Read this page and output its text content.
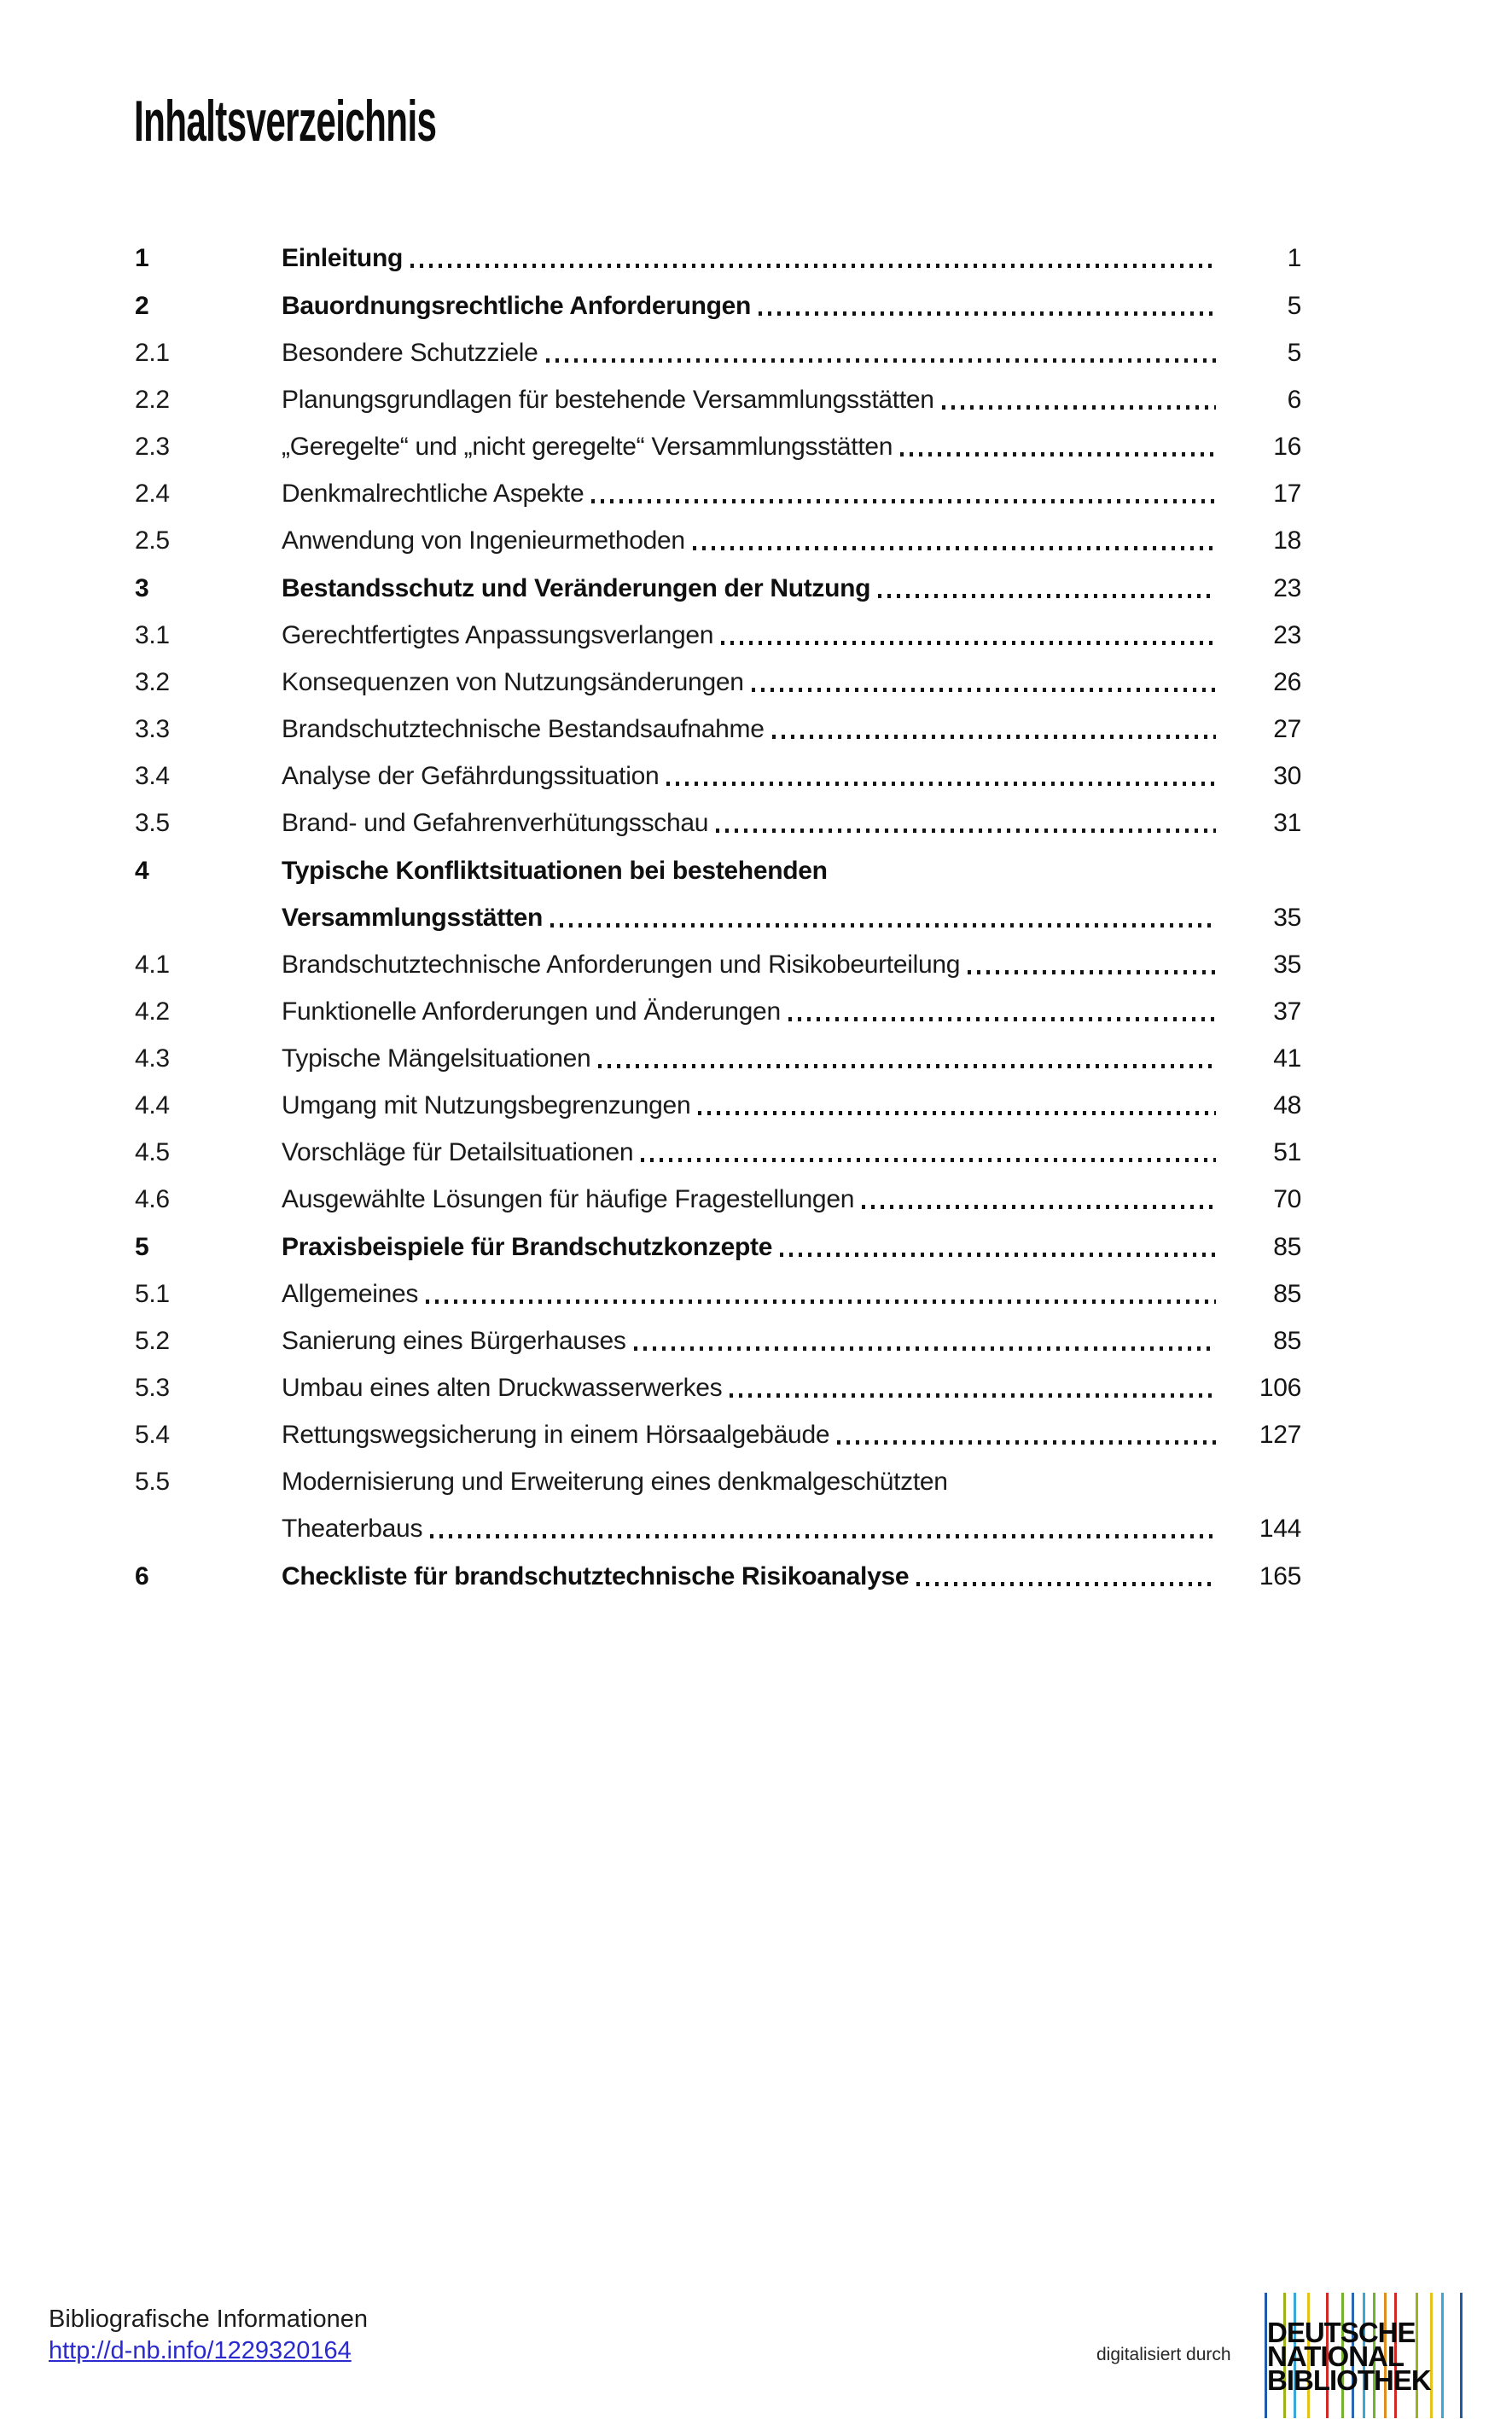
Inhaltsverzeichnis
1	Einleitung	1
2	Bauordnungsrechtliche Anforderungen	5
2.1	Besondere Schutzziele	5
2.2	Planungsgrundlagen für bestehende Versammlungsstätten	6
2.3	„Geregelte“ und „nicht geregelte“ Versammlungsstätten	16
2.4	Denkmalrechtliche Aspekte	17
2.5	Anwendung von Ingenieurmethoden	18
3	Bestandsschutz und Veränderungen der Nutzung	23
3.1	Gerechtfertigtes Anpassungsverlangen	23
3.2	Konsequenzen von Nutzungsänderungen	26
3.3	Brandschutztechnische Bestandsaufnahme	27
3.4	Analyse der Gefährdungssituation	30
3.5	Brand- und Gefahrenverhütungsschau	31
4	Typische Konfliktsituationen bei bestehenden
Versammlungsstätten	35
4.1	Brandschutztechnische Anforderungen und Risikobeurteilung	35
4.2	Funktionelle Anforderungen und Änderungen	37
4.3	Typische Mängelsituationen	41
4.4	Umgang mit Nutzungsbegrenzungen	48
4.5	Vorschläge für Detailsituationen	51
4.6	Ausgewählte Lösungen für häufige Fragestellungen	70
5	Praxisbeispiele für Brandschutzkonzepte	85
5.1	Allgemeines	85
5.2	Sanierung eines Bürgerhauses	85
5.3	Umbau eines alten Druckwasserwerkes	106
5.4	Rettungswegsicherung in einem Hörsaalgebäude	127
5.5	Modernisierung und Erweiterung eines denkmalgeschützten
Theaterbaus	144
6	Checkliste für brandschutztechnische Risikoanalyse	165
Bibliografische Informationen
http://d-nb.info/1229320164	digitalisiert durch
DEUTSCHE
NATIONAL
BIBLIOTHEK
